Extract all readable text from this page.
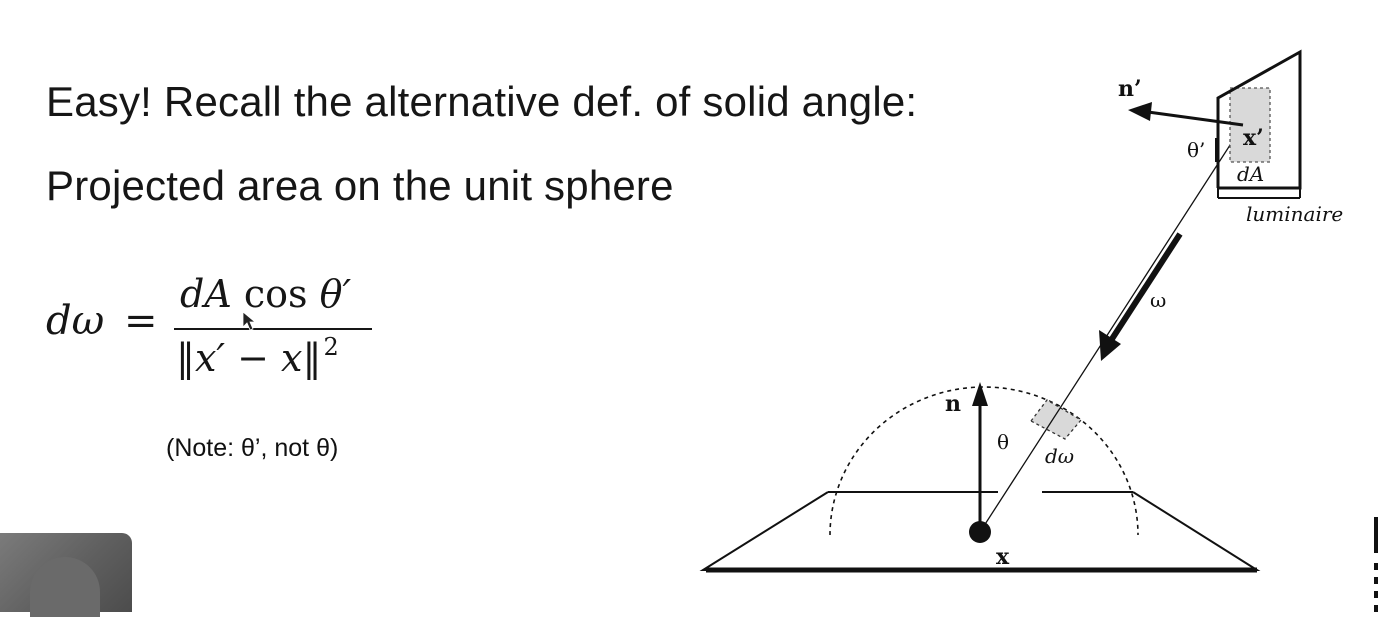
Easy! Recall the alternative def. of solid angle:
Projected area on the unit sphere
dω =
dA cos θ′
‖x′ − x‖$^2$
(Note: θ’, not θ)
n’
θ’ x’
dA
luminaire
ω
n
θ
dω
x
